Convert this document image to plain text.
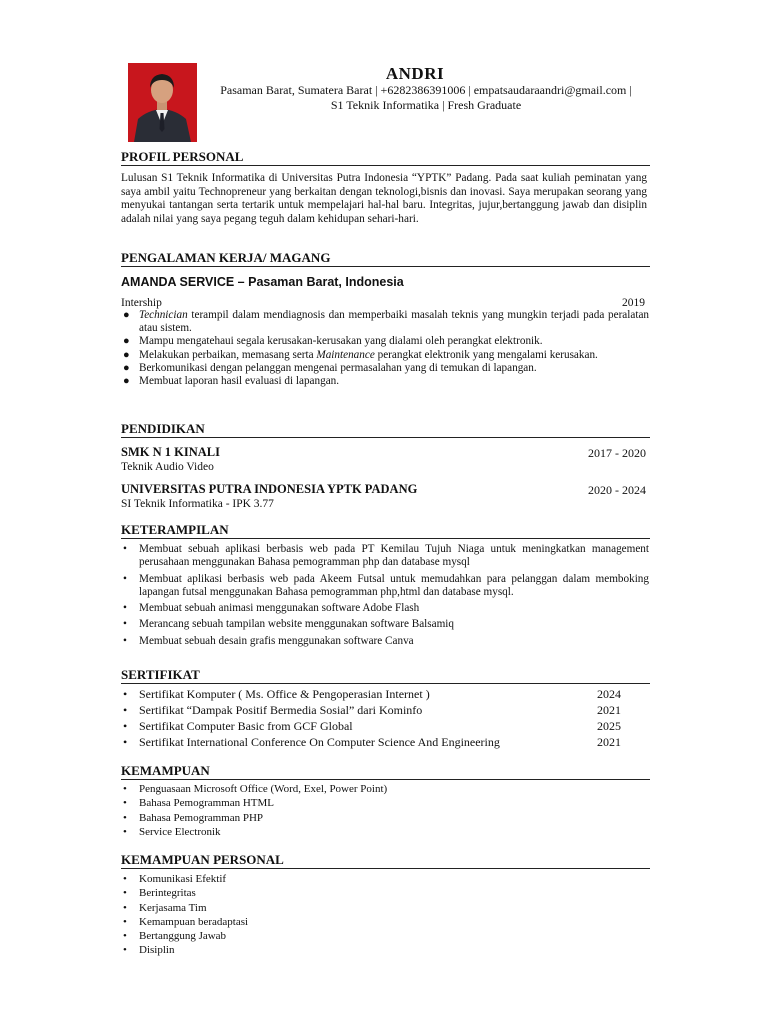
ANDRI
Pasaman Barat, Sumatera Barat | +6282386391006 | empatsaudaraandri@gmail.com |
S1 Teknik Informatika | Fresh Graduate
PROFIL PERSONAL
Lulusan S1 Teknik Informatika di Universitas Putra Indonesia “YPTK” Padang. Pada saat kuliah peminatan yang saya ambil yaitu Technopreneur yang berkaitan dengan teknologi,bisnis dan inovasi. Saya merupakan seorang yang menyukai tantangan serta tertarik untuk mempelajari hal-hal baru. Integritas, jujur,bertanggung jawab dan disiplin adalah nilai yang saya pegang teguh dalam kehidupan sehari-hari.
PENGALAMAN KERJA/ MAGANG
AMANDA SERVICE – Pasaman Barat, Indonesia
Intership	2019
● Technician terampil dalam mendiagnosis dan memperbaiki masalah teknis yang mungkin terjadi pada peralatan atau sistem.
● Mampu mengatehaui segala kerusakan-kerusakan yang dialami oleh perangkat elektronik.
● Melakukan perbaikan, memasang serta Maintenance perangkat elektronik yang mengalami kerusakan.
● Berkomunikasi dengan pelanggan mengenai permasalahan yang di temukan di lapangan.
● Membuat laporan hasil evaluasi di lapangan.
PENDIDIKAN
SMK N 1 KINALI	2017 - 2020
Teknik Audio Video
UNIVERSITAS PUTRA INDONESIA YPTK PADANG	2020 - 2024
SI Teknik Informatika - IPK 3.77
KETERAMPILAN
• Membuat sebuah aplikasi berbasis web pada PT Kemilau Tujuh Niaga untuk meningkatkan management perusahaan menggunakan Bahasa pemogramman php dan database mysql
• Membuat aplikasi berbasis web pada Akeem Futsal untuk memudahkan para pelanggan dalam memboking lapangan futsal menggunakan Bahasa pemogramman php,html dan database mysql.
• Membuat sebuah animasi menggunakan software Adobe Flash
• Merancang sebuah tampilan website menggunakan software Balsamiq
• Membuat sebuah desain grafis menggunakan software Canva
SERTIFIKAT
• Sertifikat Komputer ( Ms. Office & Pengoperasian Internet )	2024
• Sertifikat “Dampak Positif Bermedia Sosial” dari Kominfo	2021
• Sertifikat Computer Basic from GCF Global	2025
• Sertifikat International Conference On Computer Science And Engineering	2021
KEMAMPUAN
• Penguasaan Microsoft Office (Word, Exel, Power Point)
• Bahasa Pemogramman HTML
• Bahasa Pemogramman PHP
• Service Electronik
KEMAMPUAN PERSONAL
• Komunikasi Efektif
• Berintegritas
• Kerjasama Tim
• Kemampuan beradaptasi
• Bertanggung Jawab
• Disiplin
